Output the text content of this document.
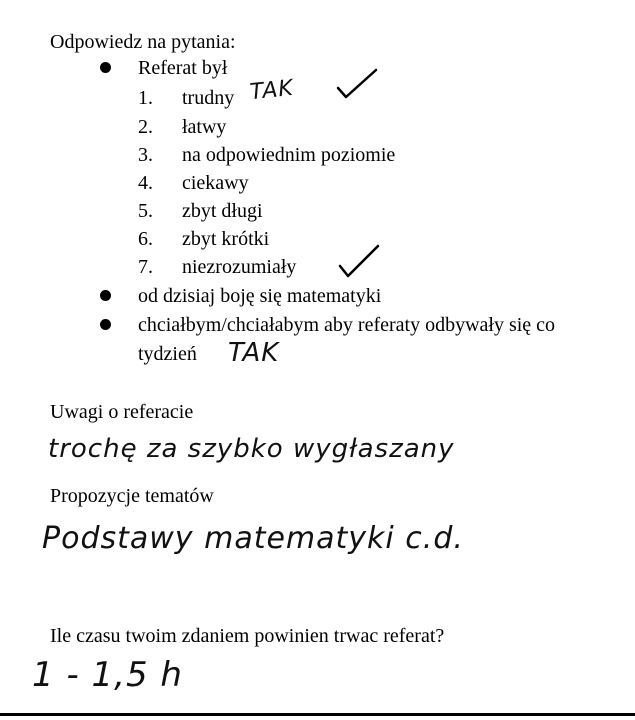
Odpowiedz na pytania:
Referat był
1. trudny TAK
2. łatwy
3. na odpowiednim poziomie
4. ciekawy
5. zbyt długi
6. zbyt krótki
7. niezrozumiały
od dzisiaj boję się matematyki
chciałbym/chciałabym aby referaty odbywały się co
tydzień TAK
Uwagi o referacie
trochę za szybko wygłaszany
Propozycje tematów
Podstawy matematyki c.d.
Ile czasu twoim zdaniem powinien trwac referat?
1 - 1,5 h
